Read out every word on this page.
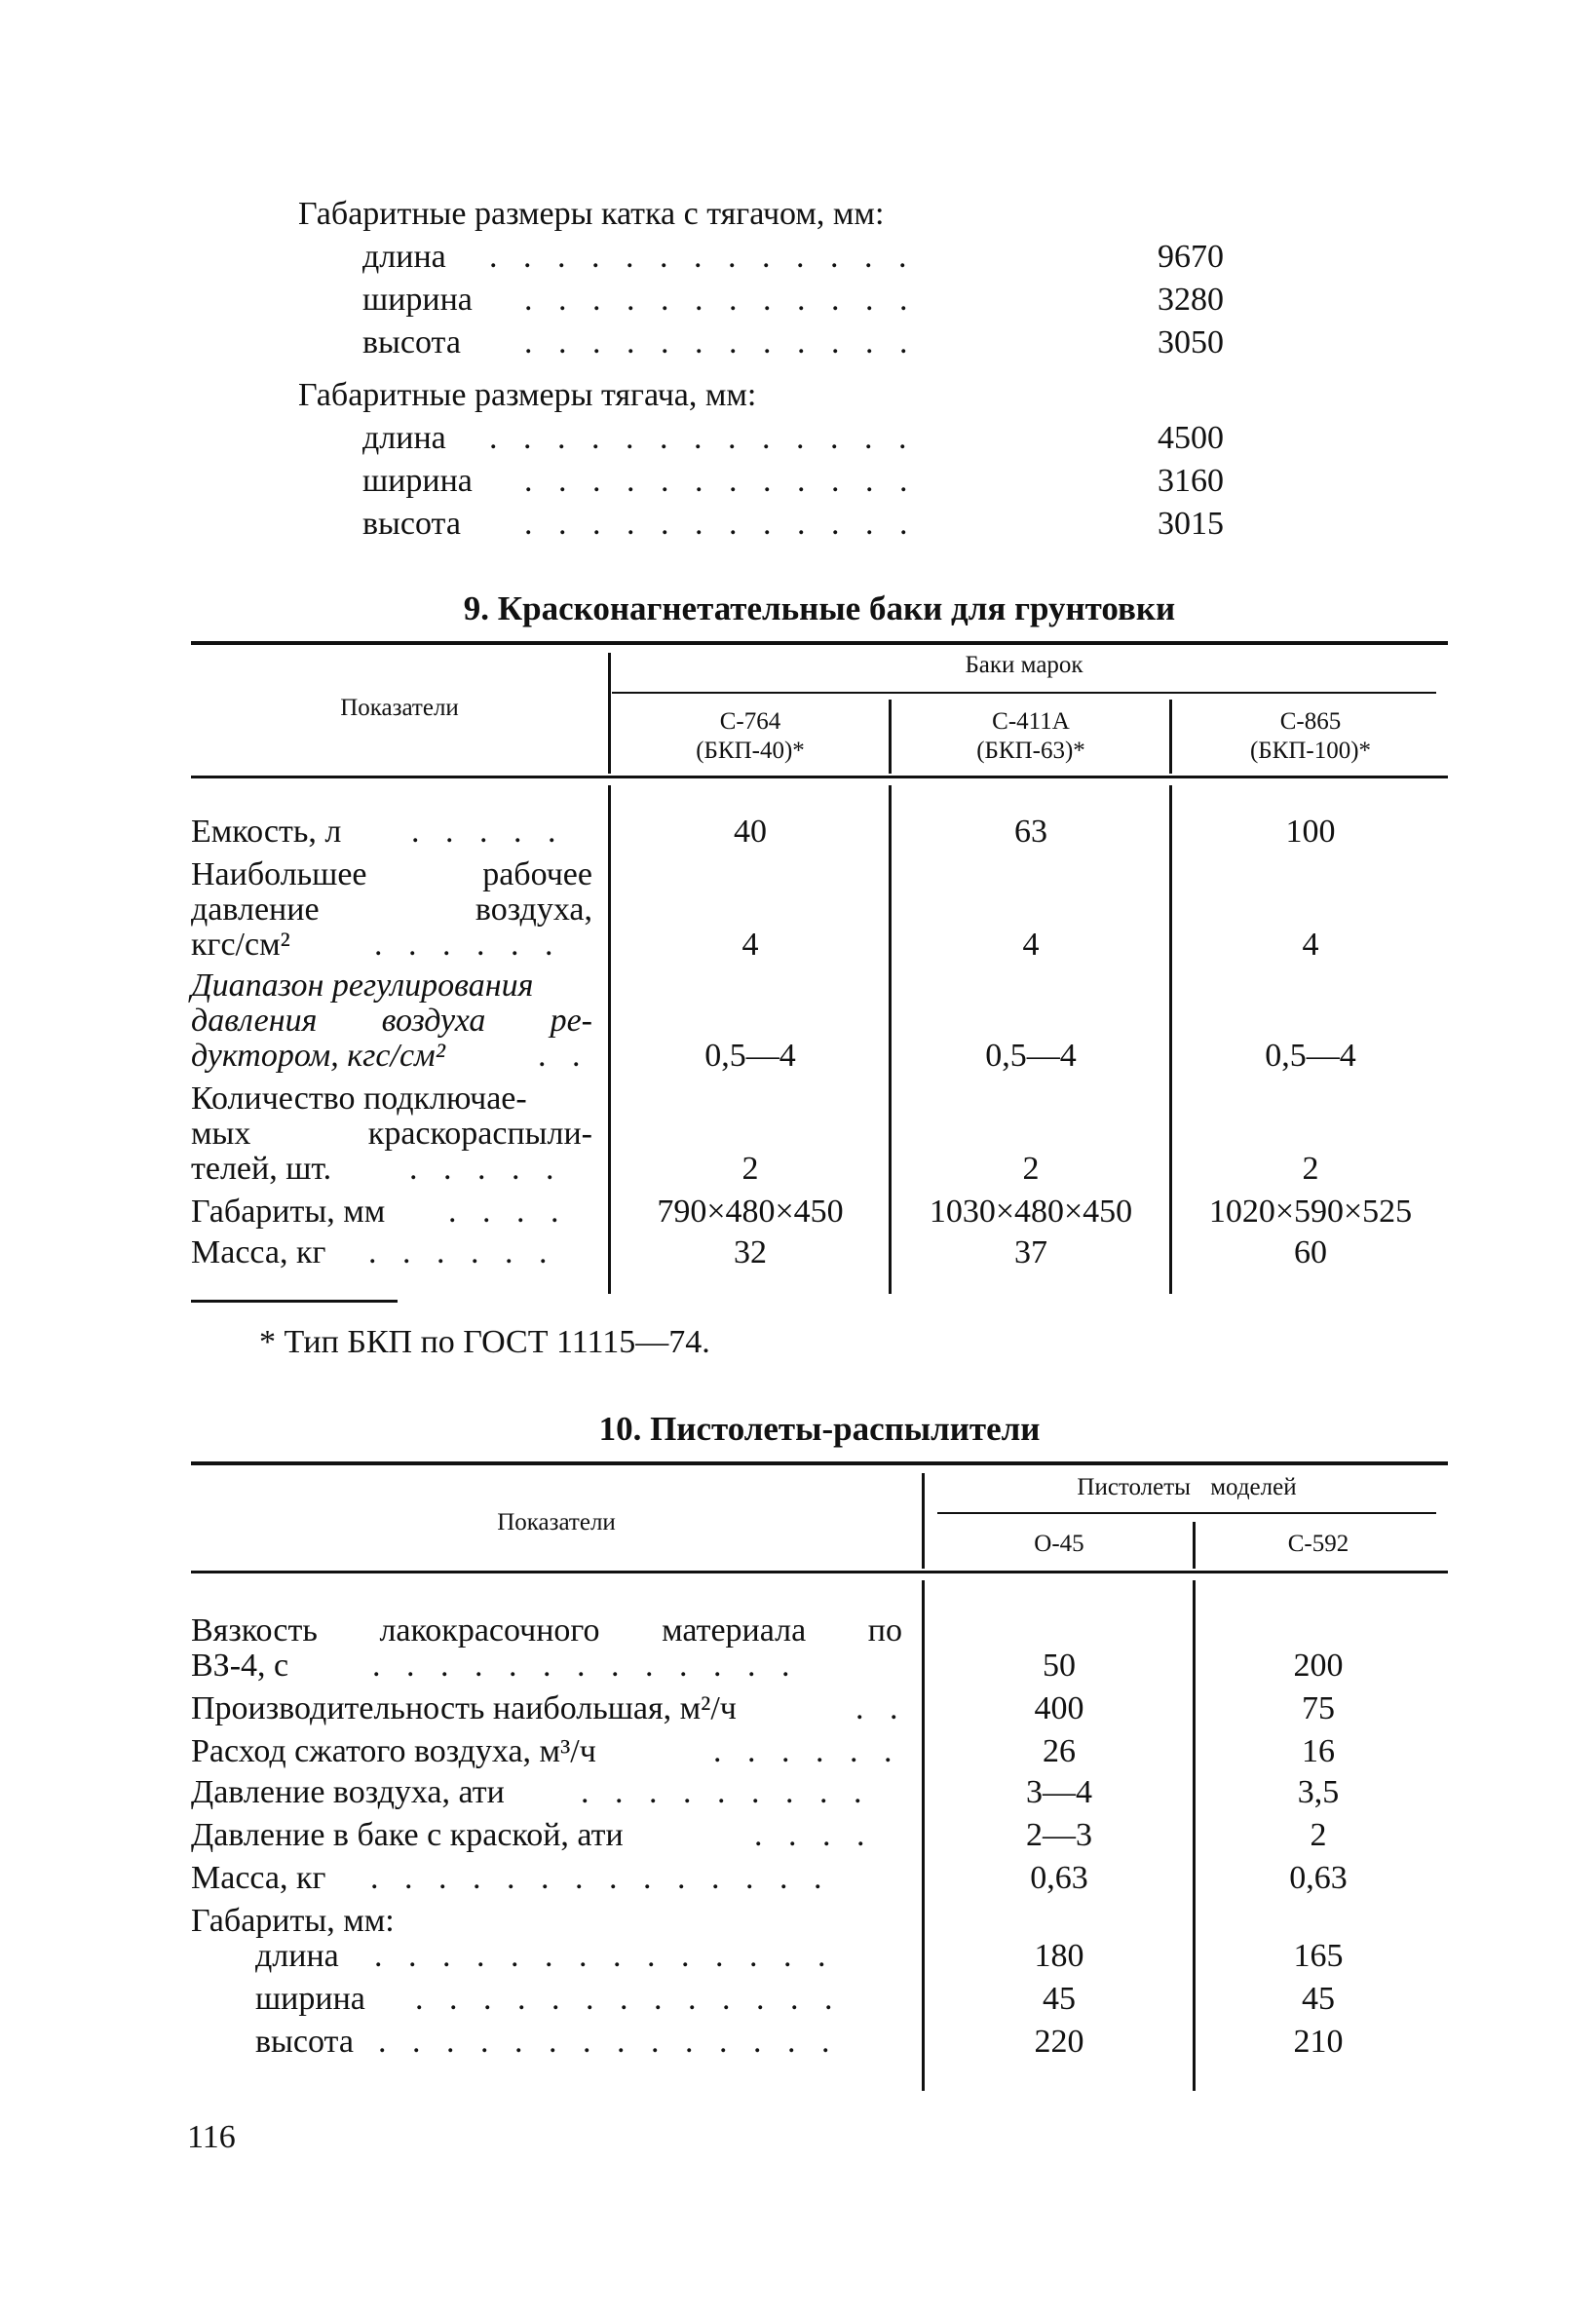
Габаритные размеры катка с тягачом, мм:
длина . . . . . . . . . . . . .	9670
ширина . . . . . . . . . . . .	3280
высота . . . . . . . . . . . .	3050
Габаритные размеры тягача, мм:
длина . . . . . . . . . . . . .	4500
ширина . . . . . . . . . . . .	3160
высота . . . . . . . . . . . .	3015
9. Красконагнетательные баки для грунтовки
Показатели
Баки марок
С-764
(БКП-40)*
С-411А
(БКП-63)*
С-865
(БКП-100)*
Емкость, л . . . . .	40	63	100
Наибольшее рабочее
давление воздуха,
кгс/см²	. . . . . .	4	4	4
Диапазон регулирования
давления воздуха ре-
дуктором, кгс/см²	. .	0,5—4	0,5—4	0,5—4
Количество подключае-
мых краскораспыли-
телей, шт. . . . . .	2	2	2
Габариты, мм . . . .	790×480×450	1030×480×450	1020×590×525
Масса, кг . . . . . .	32	37	60
* Тип БКП по ГОСТ 11115—74.
10. Пистолеты-распылители
Показатели
Пистолеты моделей
О-45	С-592
Вязкость лакокрасочного материала по
ВЗ-4, с	. . . . . . . . . . . . .	50	200
Производительность наибольшая, м²/ч	. .	400	75
Расход сжатого воздуха, м³/ч	. . . . . .	26	16
Давление воздуха, ати . . . . . . . . .	3—4	3,5
Давление в баке с краской, ати	. . . .	2—3	2
Масса, кг . . . . . . . . . . . . . .	0,63	0,63
Габариты, мм:
длина . . . . . . . . . . . . . .	180	165
ширина . . . . . . . . . . . . .	45	45
высота . . . . . . . . . . . . . .	220	210
116
